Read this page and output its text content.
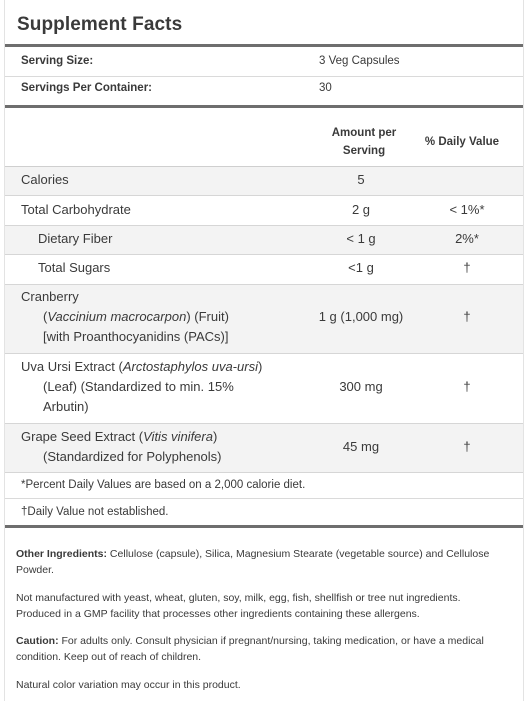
Supplement Facts
Serving Size:	3 Veg Capsules
Servings Per Container:	30
Amount per
Serving
% Daily Value
Calories	5
Total Carbohydrate	2 g	< 1%*
Dietary Fiber	< 1 g	2%*
Total Sugars	<1 g	†
Cranberry
(Vaccinium macrocarpon) (Fruit)
[with Proanthocyanidins (PACs)]
1 g (1,000 mg)	†
Uva Ursi Extract (Arctostaphylos uva-ursi)
(Leaf) (Standardized to min. 15%
Arbutin)
300 mg	†
Grape Seed Extract (Vitis vinifera)
(Standardized for Polyphenols)
45 mg	†
*Percent Daily Values are based on a 2,000 calorie diet.
†Daily Value not established.
Other Ingredients: Cellulose (capsule), Silica, Magnesium Stearate (vegetable source) and Cellulose Powder.
Not manufactured with yeast, wheat, gluten, soy, milk, egg, fish, shellfish or tree nut ingredients. Produced in a GMP facility that processes other ingredients containing these allergens.
Caution: For adults only. Consult physician if pregnant/nursing, taking medication, or have a medical condition. Keep out of reach of children.
Natural color variation may occur in this product.
